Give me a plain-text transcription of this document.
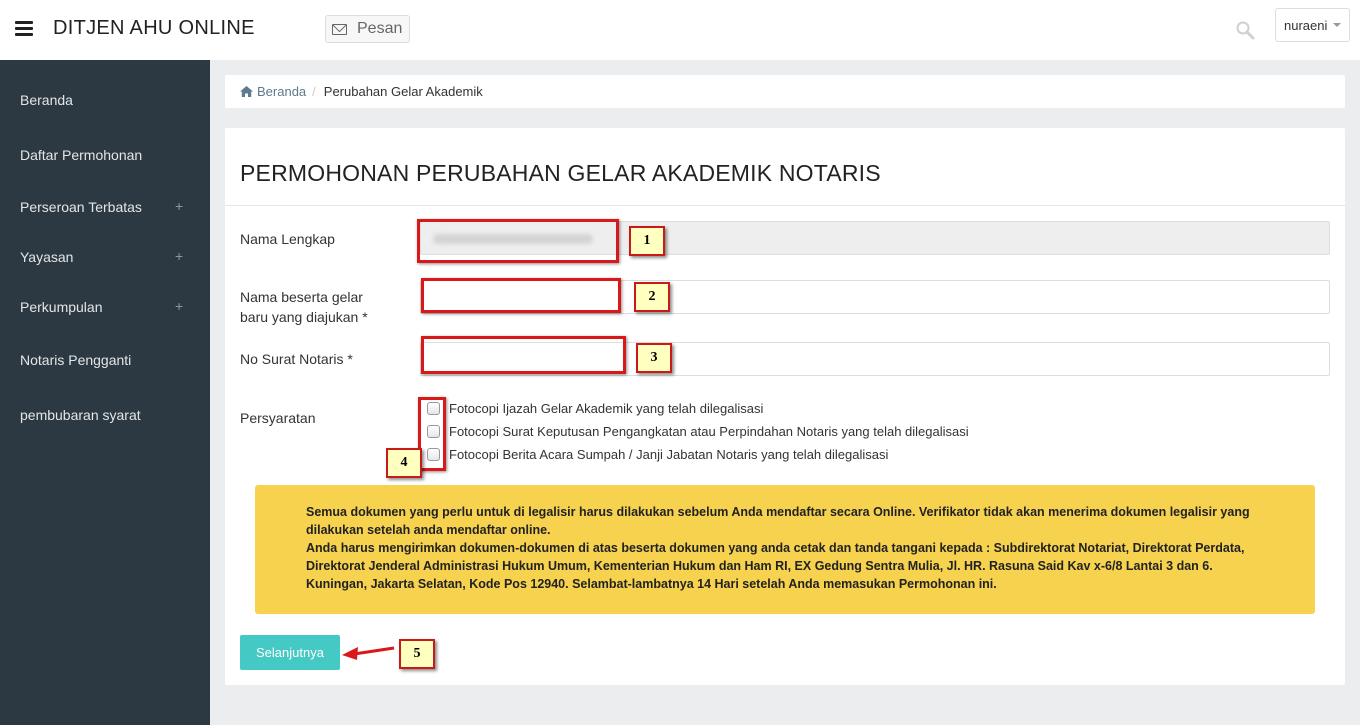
DITJEN AHU ONLINE	Pesan	nuraeni
Beranda
Daftar Permohonan
Perseroan Terbatas +
Yayasan	+
Perkumpulan	+
Notaris Pengganti
pembubaran syarat
Beranda / Perubahan Gelar Akademik
PERMOHONAN PERUBAHAN GELAR AKADEMIK NOTARIS
Nama Lengkap
Nama beserta gelar
baru yang diajukan *
No Surat Notaris *
Persyaratan
Fotocopi Ijazah Gelar Akademik yang telah dilegalisasi
Fotocopi Surat Keputusan Pengangkatan atau Perpindahan Notaris yang telah dilegalisasi
Fotocopi Berita Acara Sumpah / Janji Jabatan Notaris yang telah dilegalisasi

Semua dokumen yang perlu untuk di legalisir harus dilakukan sebelum Anda mendaftar secara Online. Verifikator tidak akan menerima dokumen legalisir yang dilakukan setelah anda mendaftar online.

Anda harus mengirimkan dokumen-dokumen di atas beserta dokumen yang anda cetak dan tanda tangani kepada : Subdirektorat Notariat, Direktorat Perdata, Direktorat Jenderal Administrasi Hukum Umum, Kementerian Hukum dan Ham RI, EX Gedung Sentra Mulia, Jl. HR. Rasuna Said Kav x-6/8 Lantai 3 dan 6. Kuningan, Jakarta Selatan, Kode Pos 12940. Selambat-lambatnya 14 Hari setelah Anda memasukan Permohonan ini.

Selanjutnya
1
2
3
4
5
